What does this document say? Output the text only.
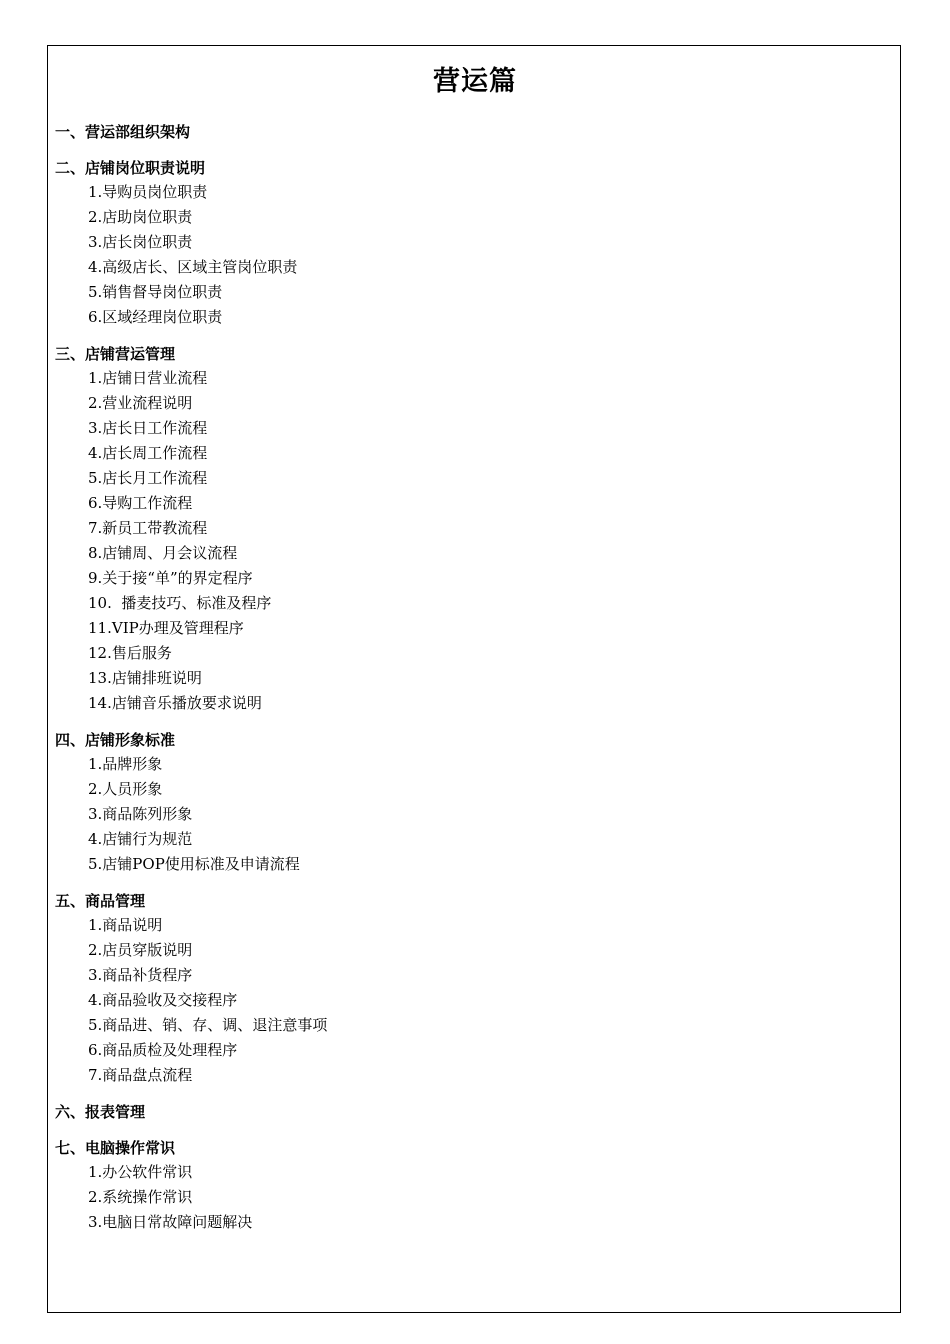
营运篇
一、营运部组织架构
二、店铺岗位职责说明
1.导购员岗位职责
2.店助岗位职责
3.店长岗位职责
4.高级店长、区域主管岗位职责
5.销售督导岗位职责
6.区域经理岗位职责
三、店铺营运管理
1.店铺日营业流程
2.营业流程说明
3.店长日工作流程
4.店长周工作流程
5.店长月工作流程
6.导购工作流程
7.新员工带教流程
8.店铺周、月会议流程
9.关于接“单”的界定程序
10.  播麦技巧、标准及程序
11.VIP办理及管理程序
12.售后服务
13.店铺排班说明
14.店铺音乐播放要求说明
四、店铺形象标准
1.品牌形象
2.人员形象
3.商品陈列形象
4.店铺行为规范
5.店铺POP使用标准及申请流程
五、商品管理
1.商品说明
2.店员穿版说明
3.商品补货程序
4.商品验收及交接程序
5.商品进、销、存、调、退注意事项
6.商品质检及处理程序
7.商品盘点流程
六、报表管理
七、电脑操作常识
1.办公软件常识
2.系统操作常识
3.电脑日常故障问题解决
